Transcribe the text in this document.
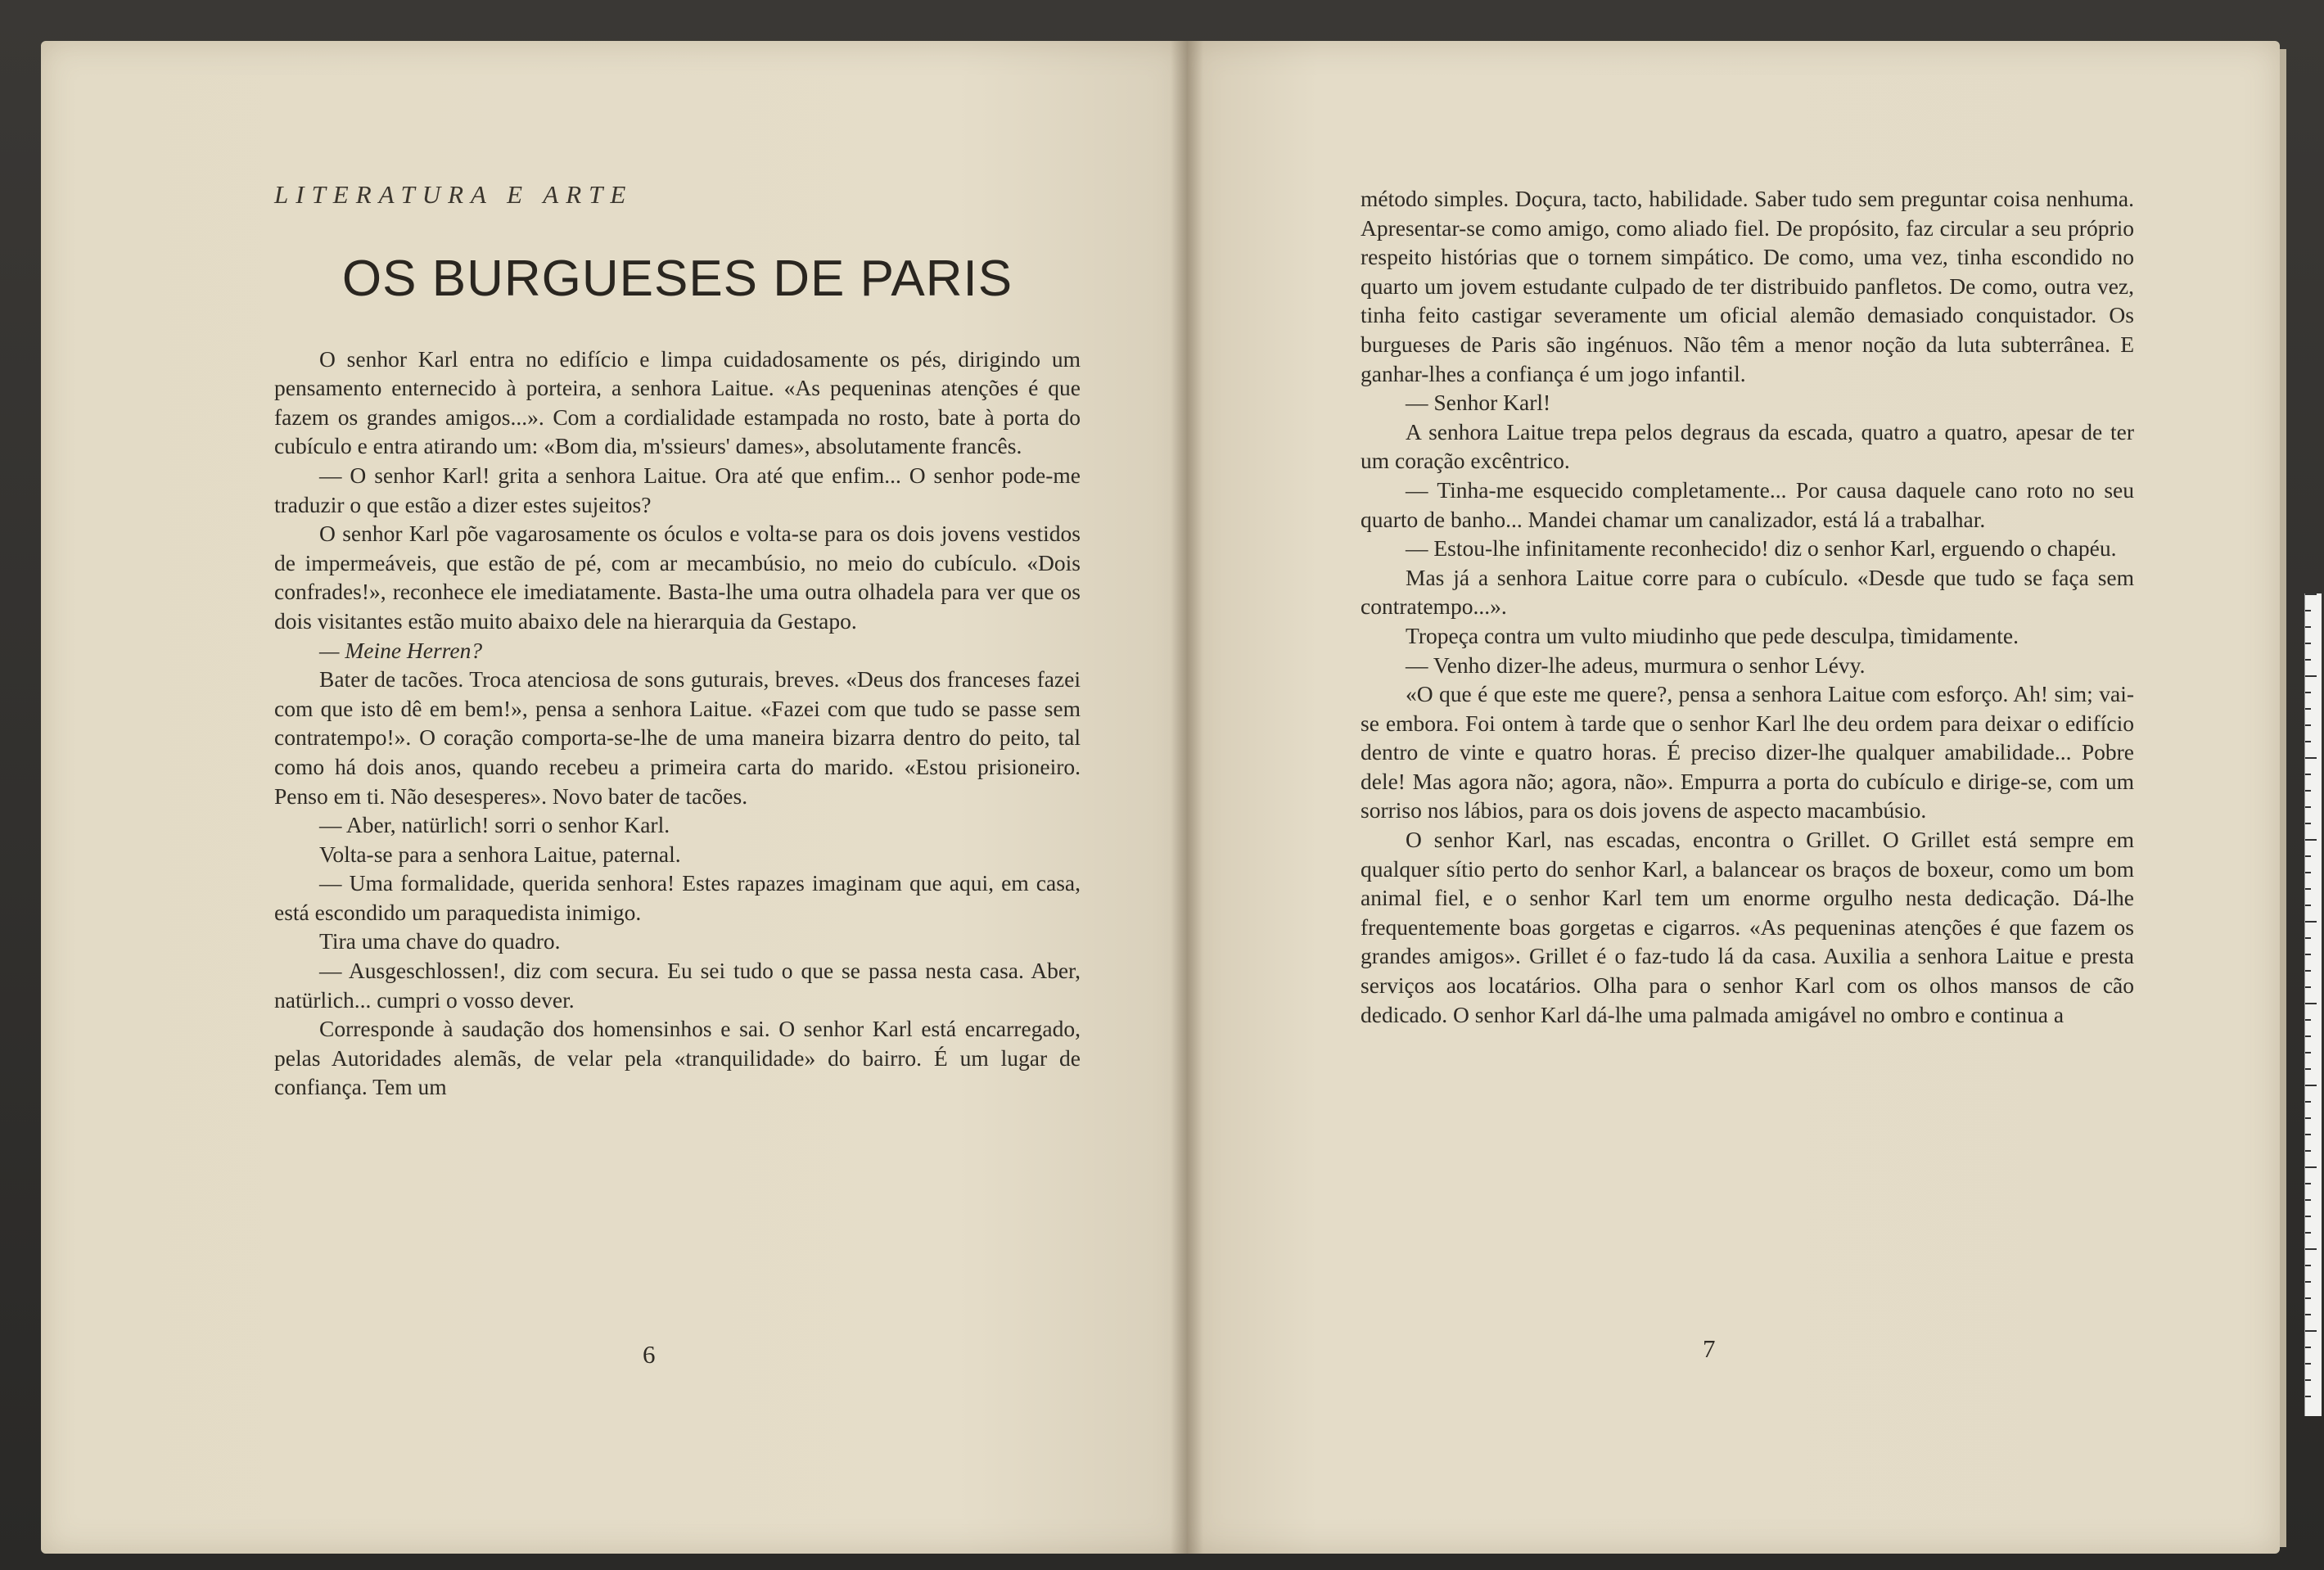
LITERATURA E ARTE
OS BURGUESES DE PARIS

O senhor Karl entra no edifício e limpa cuidadosamente os pés, dirigindo um pensamento enternecido à porteira, a senhora Laitue. «As pequeninas atenções é que fazem os grandes amigos...». Com a cordialidade estampada no rosto, bate à porta do cubículo e entra atirando um: «Bom dia, m'ssieurs' dames», absolutamente francês.

— O senhor Karl! grita a senhora Laitue. Ora até que enfim... O senhor pode-me traduzir o que estão a dizer estes sujeitos?

O senhor Karl põe vagarosamente os óculos e volta-se para os dois jovens vestidos de impermeáveis, que estão de pé, com ar mecambúsio, no meio do cubículo. «Dois confrades!», reconhece ele imediatamente. Basta-lhe uma outra olhadela para ver que os dois visitantes estão muito abaixo dele na hierarquia da Gestapo.

— Meine Herren?

Bater de tacões. Troca atenciosa de sons guturais, breves. «Deus dos franceses fazei com que isto dê em bem!», pensa a senhora Laitue. «Fazei com que tudo se passe sem contratempo!». O coração comporta-se-lhe de uma maneira bizarra dentro do peito, tal como há dois anos, quando recebeu a primeira carta do marido. «Estou prisioneiro. Penso em ti. Não desesperes». Novo bater de tacões.

— Aber, natürlich! sorri o senhor Karl.

Volta-se para a senhora Laitue, paternal.

— Uma formalidade, querida senhora! Estes rapazes imaginam que aqui, em casa, está escondido um paraquedista inimigo.

Tira uma chave do quadro.

— Ausgeschlossen!, diz com secura. Eu sei tudo o que se passa nesta casa. Aber, natürlich... cumpri o vosso dever.

Corresponde à saudação dos homensinhos e sai. O senhor Karl está encarregado, pelas Autoridades alemãs, de velar pela «tranquilidade» do bairro. É um lugar de confiança. Tem um

6

método simples. Doçura, tacto, habilidade. Saber tudo sem preguntar coisa nenhuma. Apresentar-se como amigo, como aliado fiel. De propósito, faz circular a seu próprio respeito histórias que o tornem simpático. De como, uma vez, tinha escondido no quarto um jovem estudante culpado de ter distribuido panfletos. De como, outra vez, tinha feito castigar severamente um oficial alemão demasiado conquistador. Os burgueses de Paris são ingénuos. Não têm a menor noção da luta subterrânea. E ganhar-lhes a confiança é um jogo infantil.

— Senhor Karl!

A senhora Laitue trepa pelos degraus da escada, quatro a quatro, apesar de ter um coração excêntrico.

— Tinha-me esquecido completamente... Por causa daquele cano roto no seu quarto de banho... Mandei chamar um canalizador, está lá a trabalhar.

— Estou-lhe infinitamente reconhecido! diz o senhor Karl, erguendo o chapéu.

Mas já a senhora Laitue corre para o cubículo. «Desde que tudo se faça sem contratempo...».

Tropeça contra um vulto miudinho que pede desculpa, tìmidamente.

— Venho dizer-lhe adeus, murmura o senhor Lévy.

«O que é que este me quere?, pensa a senhora Laitue com esforço. Ah! sim; vai-se embora. Foi ontem à tarde que o senhor Karl lhe deu ordem para deixar o edifício dentro de vinte e quatro horas. É preciso dizer-lhe qualquer amabilidade... Pobre dele! Mas agora não; agora, não». Empurra a porta do cubículo e dirige-se, com um sorriso nos lábios, para os dois jovens de aspecto macambúsio.

O senhor Karl, nas escadas, encontra o Grillet. O Grillet está sempre em qualquer sítio perto do senhor Karl, a balancear os braços de boxeur, como um bom animal fiel, e o senhor Karl tem um enorme orgulho nesta dedicação. Dá-lhe frequentemente boas gorgetas e cigarros. «As pequeninas atenções é que fazem os grandes amigos». Grillet é o faz-tudo lá da casa. Auxilia a senhora Laitue e presta serviços aos locatários. Olha para o senhor Karl com os olhos mansos de cão dedicado. O senhor Karl dá-lhe uma palmada amigável no ombro e continua a

7
